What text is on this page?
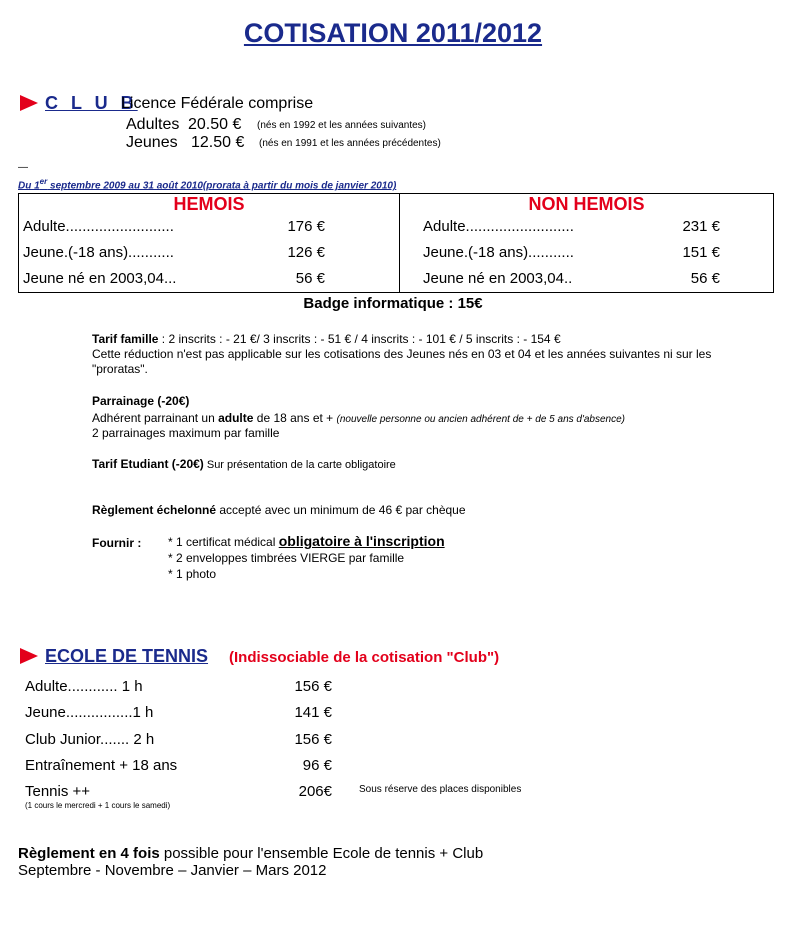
COTISATION 2011/2012
C L U B
Licence Fédérale comprise
Adultes 20.50 € (nés en 1992 et les années suivantes)
Jeunes 12.50 € (nés en 1991 et les années précédentes)
—
Du 1er septembre 2009 au 31 août 2010(prorata à partir du mois de janvier 2010)
HEMOIS
Adulte..........................	176 €
Jeune.(-18 ans)...........	126 €
Jeune né en 2003,04...	56 €

NON HEMOIS
Adulte..........................	231 €
Jeune.(-18 ans)...........	151 €
Jeune né en 2003,04..	56 €
Badge informatique : 15€
Tarif famille : 2 inscrits : - 21 €/ 3 inscrits : - 51 € / 4 inscrits : - 101 € / 5 inscrits : - 154 €
Cette réduction n'est pas applicable sur les cotisations des Jeunes nés en 03 et 04 et les années suivantes ni sur les
"proratas".
Parrainage (-20€)
Adhérent parrainant un adulte de 18 ans et + (nouvelle personne ou ancien adhérent de + de 5 ans d'absence)
2 parrainages maximum par famille
Tarif Etudiant (-20€) Sur présentation de la carte obligatoire
Règlement échelonné accepté avec un minimum de 46 € par chèque
Fournir : * 1 certificat médical obligatoire à l'inscription
* 2 enveloppes timbrées VIERGE par famille
* 1 photo
ECOLE DE TENNIS (Indissociable de la cotisation "Club")
Adulte............ 1 h	156 €
Jeune................1 h	141 €
Club Junior....... 2 h	156 €
Entraînement + 18 ans	96 €
Tennis ++	206€
(1 cours le mercredi + 1 cours le samedi)
Sous réserve des places disponibles
Règlement en 4 fois possible pour l'ensemble Ecole de tennis + Club
Septembre - Novembre – Janvier – Mars 2012
